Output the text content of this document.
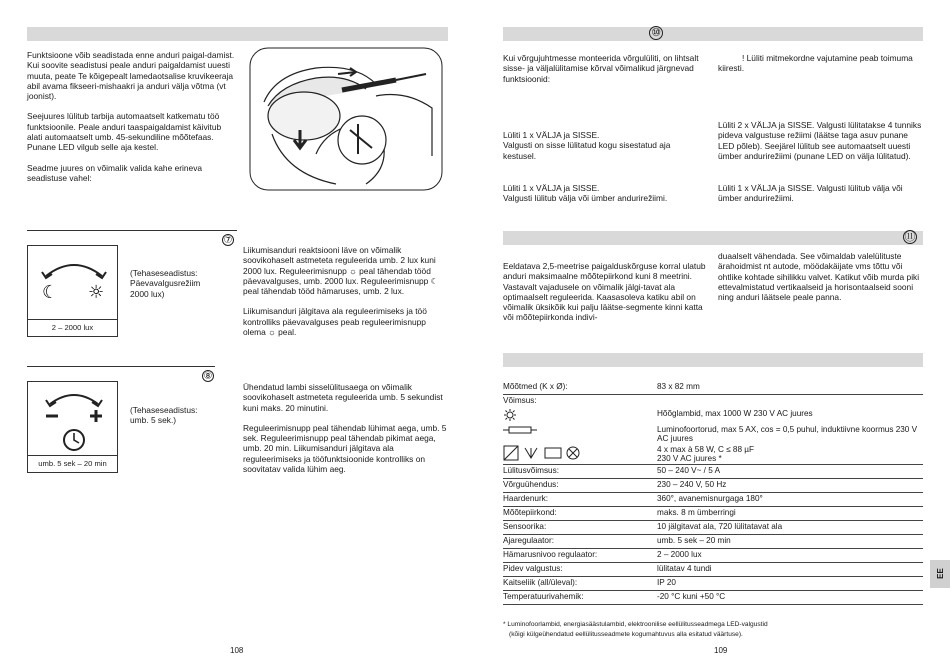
Funktsioone võib seadistada enne anduri paigal-damist. Kui soovite seadistusi peale anduri paigaldamist uuesti muuta, peate Te kõigepealt lamedaotsalise kruvikeeraja abil avama fikseeri-mishaakri ja anduri välja võtma (vt joonist).

Seejuures lülitub tarbija automaatselt katkematu töö funktsioonile. Peale anduri taaspaigaldamist käivitub alati automaatselt umb. 45-sekundiline mõõtefaas. Punane LED vilgub selle aja kestel.

Seadme juures on võimalik valida kahe erineva seadistuse vahel:

⑦
☾ ☼
2 – 2000 lux

(Tehaseseadistus:
Päevavalgusrežiim
2000 lux)

Liikumisanduri reaktsiooni läve on võimalik soovikohaselt astmeteta reguleerida umb. 2 lux kuni 2000 lux. Reguleerimisnupp ☼ peal tähendab tööd päevavalguses, umb. 2000 lux. Reguleerimisnupp ☾ peal tähendab tööd hämaruses, umb. 2 lux.

Liikumisanduri jälgitava ala reguleerimiseks ja töö kontrolliks päevavalguses peab reguleerimisnupp olema ☼ peal.

⑧
umb. 5 sek – 20 min

(Tehaseseadistus:
umb. 5 sek.)

Ühendatud lambi sisselülitusaega on võimalik soovikohaselt astmeteta reguleerida umb. 5 sekundist kuni maks. 20 minutini.

Reguleerimisnupp peal tähendab lühimat aega, umb. 5 sek. Reguleerimisnupp peal tähendab pikimat aega, umb. 20 min. Liikumisanduri jälgitava ala reguleerimiseks ja tööfunktsioonide kontrolliks on soovitatav valida lühim aeg.

108
⑩
Kui võrgujuhtmesse monteerida võrgulüliti, on lihtsalt sisse- ja väljalülitamise kõrval võimalikud järgnevad funktsioonid:
! Lüliti mitmekordne vajutamine peab toimuma kiiresti.
Lüliti 1 x VÄLJA ja SISSE.
Valgusti on sisse lülitatud kogu sisestatud aja kestusel.
Lüliti 2 x VÄLJA ja SISSE. Valgusti lülitatakse 4 tunniks pideva valgustuse režiimi (läätse taga asuv punane LED põleb). Seejärel lülitub see automaatselt uuesti ümber andurirežiimi (punane LED on välja lülitatud).
Lüliti 1 x VÄLJA ja SISSE.
Valgusti lülitub välja või ümber andurirežiimi.
Lüliti 1 x VÄLJA ja SISSE. Valgusti lülitub välja või ümber andurirežiimi.
⑪
Eeldatava 2,5-meetrise paigalduskõrguse korral ulatub anduri maksimaalne mõõtepiirkond kuni 8 meetrini. Vastavalt vajadusele on võimalik jälgi-tavat ala optimaalselt reguleerida. Kaasasoleva katiku abil on võimalik üksikõik kui palju läätse-segmente kinni katta või mõõtepiirkonda indivi-
duaalselt vähendada. See võimaldab valelülituste ärahoidmist nt autode, möödakäijate vms tõttu või ohtlike kohtade sihilikku valvet. Katikut võib murda piki ettevalmistatud vertikaalseid ja horisontaalseid sooni ning anduri läätsele peale panna.
Mõõtmed (K x Ø):	83 x 82 mm
Võimsus:	
	Hõõglambid, max 1000 W 230 V AC juures
	Luminofoortorud, max 5 AX, cos = 0,5 puhul, induktiivne koormus 230 V AC juures
	4 x max à 58 W, C ≤ 88 µF
230 V AC juures *
Lülitusvõimsus:	50 – 240 V~ / 5 A
Võrguühendus:	230 – 240 V, 50 Hz
Haardenurk:	360°, avanemisnurgaga 180°
Mõõtepiirkond:	maks. 8 m ümberringi
Sensoorika:	10 jälgitavat ala, 720 lülitatavat ala
Ajaregulaator:	umb. 5 sek – 20 min
Hämarusnivoo regulaator:	2 – 2000 lux
Pidev valgustus:	lülitatav 4 tundi
Kaitseliik (all/üleval):	IP 20
Temperatuurivahemik:	-20 °C kuni +50 °C
* Luminofoorlambid, energiasäästulambid, elektroonilise eellülitusseadmega LED-valgustid
(kõigi külgeühendatud eellülitusseadmete kogumahtuvus alla esitatud väärtuse).
109
EE
